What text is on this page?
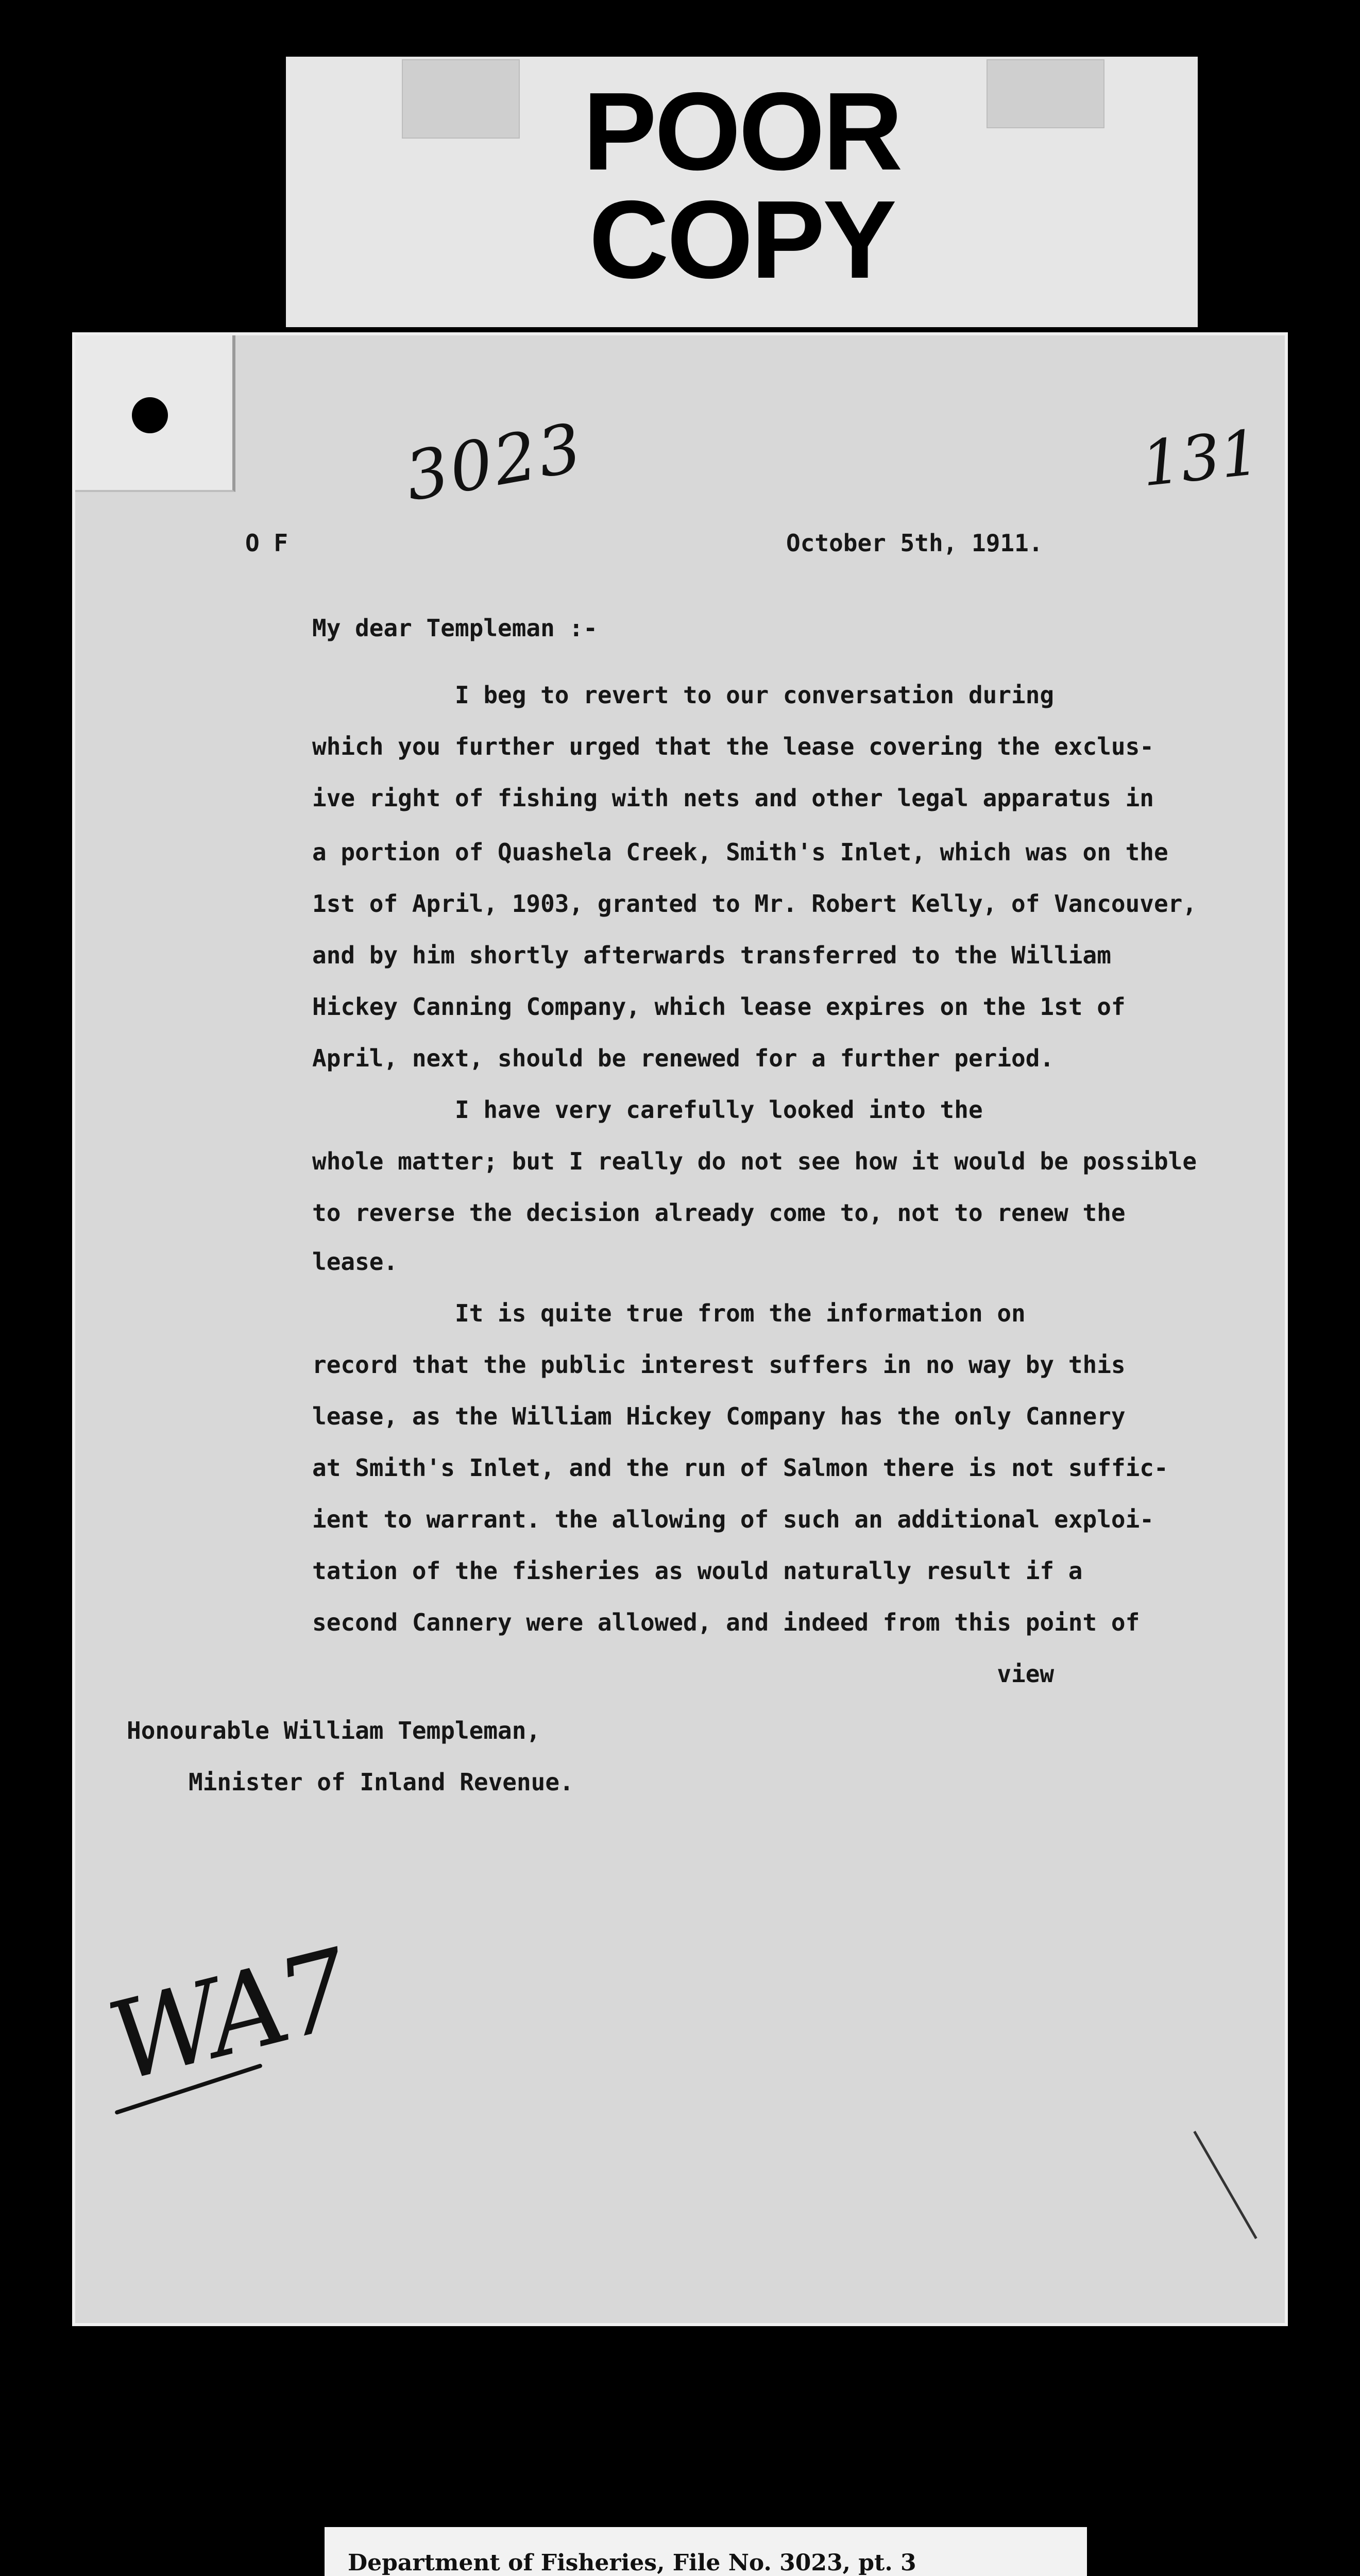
POOR
COPY
3023	131
O F	October 5th, 1911.
My dear Templeman :-
I beg to revert to our conversation during
which you further urged that the lease covering the exclus-
ive right of fishing with nets and other legal apparatus in
a portion of Quashela Creek, Smith's Inlet, which was on the
1st of April, 1903, granted to Mr. Robert Kelly, of Vancouver,
and by him shortly afterwards transferred to the William
Hickey Canning Company, which lease expires on the 1st of
April, next, should be renewed for a further period.
I have very carefully looked into the
whole matter; but I really do not see how it would be possible
to reverse the decision already come to, not to renew the
lease.
It is quite true from the information on
record that the public interest suffers in no way by this
lease, as the William Hickey Company has the only Cannery
at Smith's Inlet, and the run of Salmon there is not suffic-
ient to warrant. the allowing of such an additional exploi-
tation of the fisheries as would naturally result if a
second Cannery were allowed, and indeed from this point of
view
Honourable William Templeman,
Minister of Inland Revenue.
WA7
Department of Fisheries, File No. 3023, pt. 3
